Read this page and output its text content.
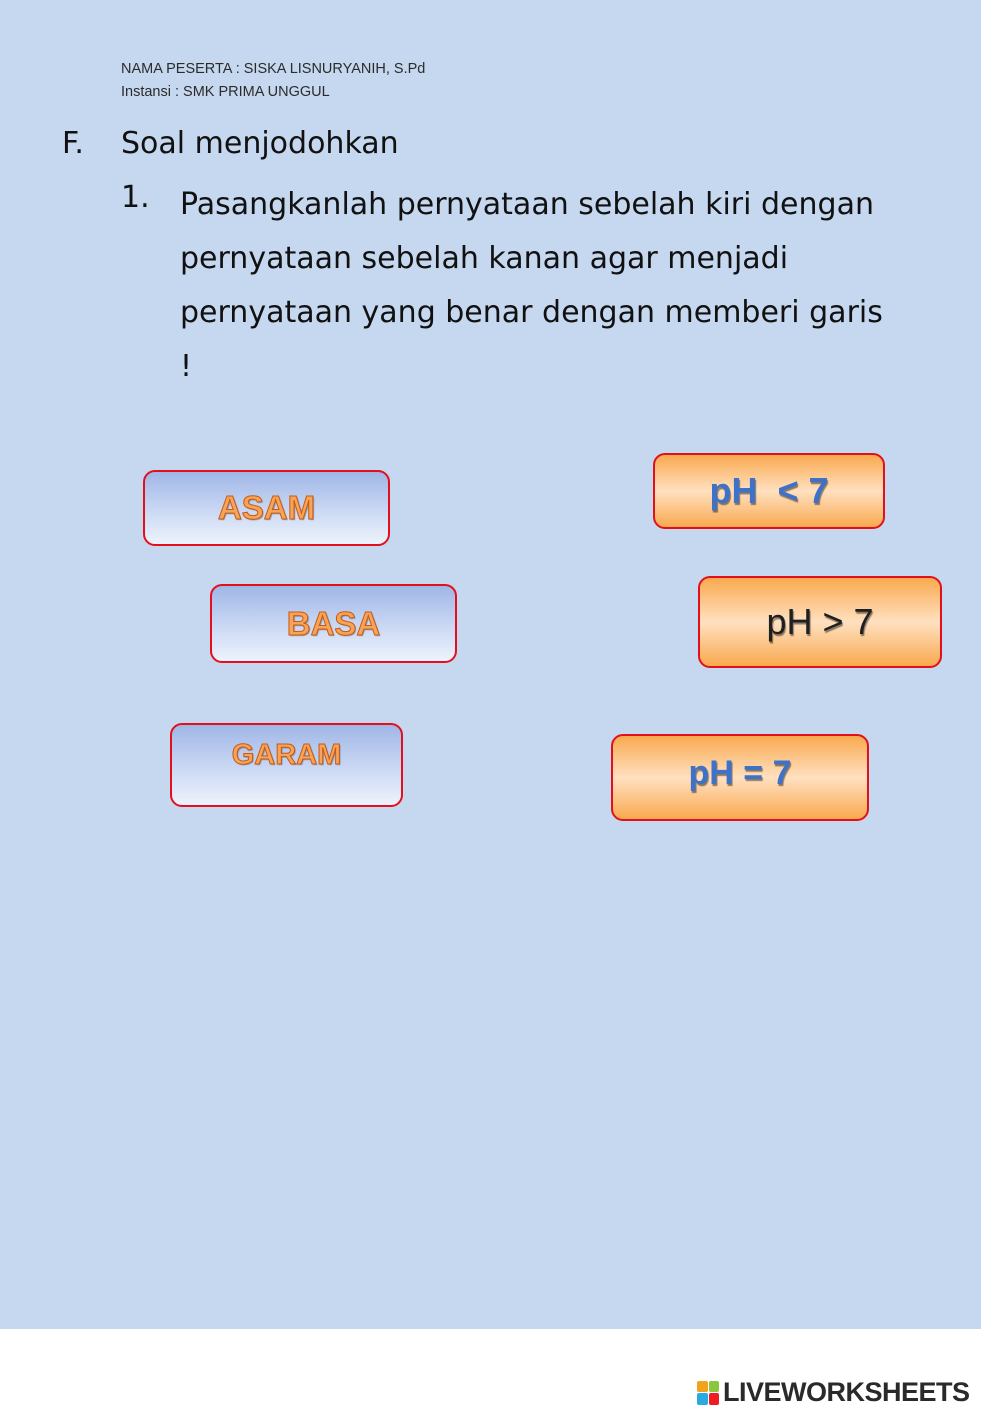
NAMA PESERTA : SISKA LISNURYANIH, S.Pd
Instansi : SMK PRIMA UNGGUL
F. Soal menjodohkan
1. Pasangkanlah pernyataan sebelah kiri dengan pernyataan sebelah kanan agar menjadi pernyataan yang benar dengan memberi garis !
ASAM
BASA
GARAM
pH  < 7
pH > 7
pH = 7
LIVEWORKSHEETS
